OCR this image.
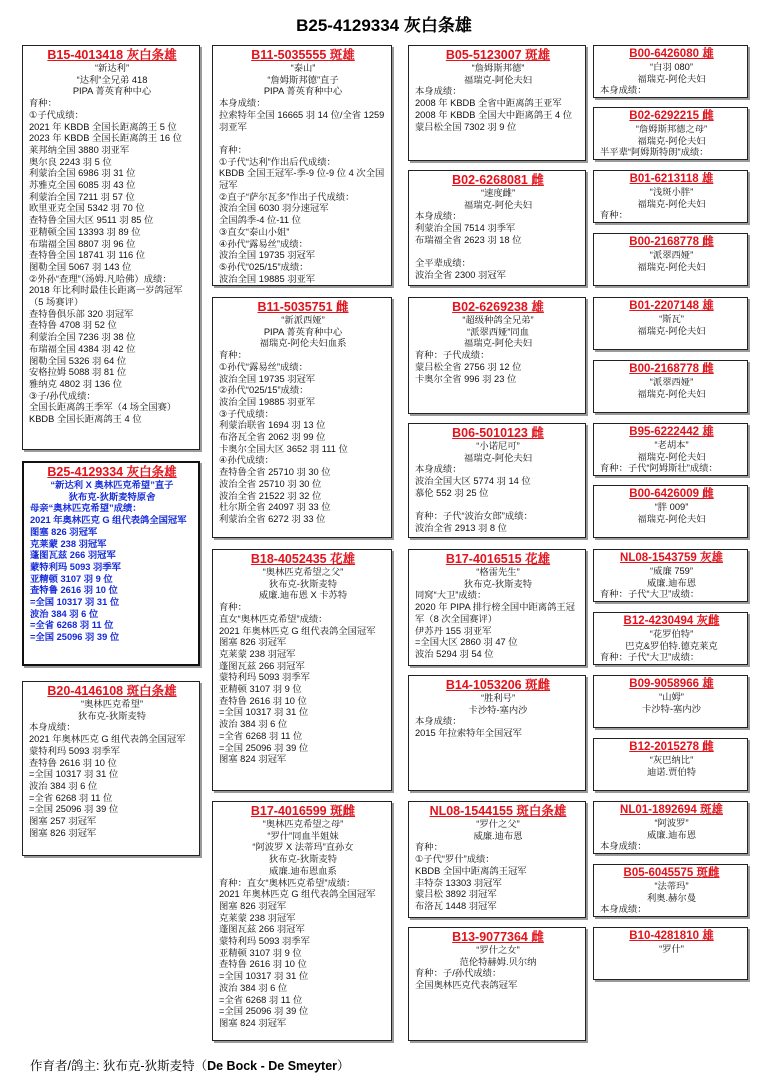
B25-4129334 灰白条雄
B15-4013418 灰白条雄
“新达利”
“达利”全兄弟 418
PIPA 菁英育种中心
育种：
①子代成绩：
2021 年 KBDB 全国长距离鸽王 5 位
2023 年 KBDB 全国长距离鸽王 16 位
莱邦纳全国 3880 羽亚军
奥尔良 2243 羽 5 位
利蒙治全国 6986 羽 31 位
苏雅克全国 6085 羽 43 位
利蒙治全国 7211 羽 57 位
欧里亚克全国 5342 羽 70 位
查特鲁全国大区 9511 羽 85 位
亚精顿全国 13393 羽 89 位
布瑞福全国 8807 羽 96 位
查特鲁全国 18741 羽 116 位
图勒全国 5067 羽 143 位
②外孙“查理”（汤姆.凡哈佛）成绩：
2018 年比利时最佳长距离一岁鸽冠军（5 场赛评）
查特鲁俱乐部 320 羽冠军
查特鲁 4708 羽 52 位
利蒙治全国 7236 羽 38 位
布瑞福全国 4384 羽 42 位
图勒全国 5326 羽 64 位
安格拉姆 5088 羽 81 位
雅纳克 4802 羽 136 位
③子/孙代成绩：
全国长距离鸽王季军（4 场全国赛）
KBDB 全国长距离鸽王 4 位
B25-4129334 灰白条雄
“新达利 X 奥林匹克希望”直子
狄布克-狄斯麦特原舍
母亲“奥林匹克希望”成绩：
2021 年奥林匹克 G 组代表鸽全国冠军
图塞 826 羽冠军
克莱蒙 238 羽冠军
蓬图瓦兹 266 羽冠军
蒙特利玛 5093 羽季军
亚精顿 3107 羽 9 位
查特鲁 2616 羽 10 位
=全国 10317 羽 31 位
波治 384 羽 6 位
=全省 6268 羽 11 位
=全国 25096 羽 39 位
B20-4146108 斑白条雄
“奥林匹克希望”
狄布克-狄斯麦特
本身成绩：
2021 年奥林匹克 G 组代表鸽全国冠军
蒙特利玛 5093 羽季军
查特鲁 2616 羽 10 位
=全国 10317 羽 31 位
波治 384 羽 6 位
=全省 6268 羽 11 位
=全国 25096 羽 39 位
图塞 257 羽冠军
图塞 826 羽冠军
B11-5035555 斑雄
“泰山”
“詹姆斯邦德”直子
PIPA 菁英育种中心
本身成绩：
拉索特年全国 16665 羽 14 位/全省 1259 羽亚军
育种：
①子代“达利”作出后代成绩：
KBDB 全国王冠军-季-9 位-9 位 4 次全国冠军
②直子“萨尔瓦多”作出子代成绩：
波治全国 6030 羽分速冠军
全国鸽季-4 位-11 位
③直女“泰山小姐”
④孙代“露易丝”成绩：
波治全国 19735 羽冠军
⑤孙代“025/15”成绩：
波治全国 19885 羽亚军
B11-5035751 雌
“新派西娅”
PIPA 菁英育种中心
福瑞克-阿伦夫妇血系
育种：
①孙代“露易丝”成绩：
波治全国 19735 羽冠军
②孙代“025/15”成绩：
波治全国 19885 羽亚军
③子代成绩：
利蒙治联省 1694 羽 13 位
布洛瓦全省 2062 羽 99 位
卡奥尔全国大区 3652 羽 111 位
④孙代成绩：
查特鲁全省 25710 羽 30 位
波治全省 25710 羽 30 位
波治全省 21522 羽 32 位
杜尔斯全省 24097 羽 33 位
利蒙治全省 6272 羽 33 位
B18-4052435 花雄
“奥林匹克希望之父”
狄布克-狄斯麦特
威廉.迪布恩 X 卡苏特
育种：
直女“奥林匹克希望”成绩：
2021 年奥林匹克 G 组代表鸽全国冠军
图塞 826 羽冠军
克莱蒙 238 羽冠军
蓬图瓦兹 266 羽冠军
蒙特利玛 5093 羽季军
亚精顿 3107 羽 9 位
查特鲁 2616 羽 10 位
=全国 10317 羽 31 位
波治 384 羽 6 位
=全省 6268 羽 11 位
=全国 25096 羽 39 位
图塞 824 羽冠军
B17-4016599 斑雌
“奥林匹克希望之母”
“罗什”同血半姐妹
“阿波罗 X 法蒂玛”直孙女
狄布克-狄斯麦特
威廉.迪布恩血系
育种：直女“奥林匹克希望”成绩：
2021 年奥林匹克 G 组代表鸽全国冠军
图塞 826 羽冠军
克莱蒙 238 羽冠军
蓬图瓦兹 266 羽冠军
蒙特利玛 5093 羽季军
亚精顿 3107 羽 9 位
查特鲁 2616 羽 10 位
=全国 10317 羽 31 位
波治 384 羽 6 位
=全省 6268 羽 11 位
=全国 25096 羽 39 位
图塞 824 羽冠军
B05-5123007 斑雄
“詹姆斯邦德”
福瑞克-阿伦夫妇
本身成绩：
2008 年 KBDB 全省中距离鸽王亚军
2008 年 KBDB 全国大中距离鸽王 4 位
蒙吕松全国 7302 羽 9 位
B02-6268081 雌
“速度雌”
福瑞克-阿伦夫妇
本身成绩：
利蒙治全国 7514 羽季军
布瑞福全省 2623 羽 18 位
全平辈成绩：
波治全省 2300 羽冠军
B02-6269238 雄
“超级种鸽全兄弟”
“派翠西娅”同血
福瑞克-阿伦夫妇
育种：子代成绩：
蒙吕松全省 2756 羽 12 位
卡奥尔全省 996 羽 23 位
B06-5010123 雌
“小诺尼可”
福瑞克-阿伦夫妇
本身成绩：
波治全国大区 5774 羽 14 位
慕伦 552 羽 25 位
育种：子代“波治女郎”成绩：
波治全省 2913 羽 8 位
B17-4016515 花雄
“格雷先生”
狄布克-狄斯麦特
同窝“大卫”成绩：
2020 年 PIPA 排行榜全国中距离鸽王冠军（8 次全国赛评）
伊苏丹 155 羽亚军
=全国大区 2860 羽 47 位
波治 5294 羽 54 位
B14-1053206 斑雌
“胜利号”
卡沙特-塞内沙
本身成绩：
2015 年拉索特年全国冠军
NL08-1544155 斑白条雄
“罗什之父”
威廉.迪布恩
育种：
①子代“罗什”成绩：
KBDB 全国中距离鸽王冠军
丰特奈 13303 羽冠军
蒙吕松 3892 羽冠军
布洛瓦 1448 羽冠军
B13-9077364 雌
“罗什之女”
范伦特赫姆.贝尔纳
育种：子/孙代成绩：
全国奥林匹克代表鸽冠军
B00-6426080 雄
“白羽 080”
福瑞克-阿伦夫妇
本身成绩：
B02-6292215 雌
“詹姆斯邦德之母”
福瑞克-阿伦夫妇
半平辈“阿姆斯特朗”成绩：
B01-6213118 雄
“浅斑小胖”
福瑞克-阿伦夫妇
育种：
B00-2168778 雌
“派翠西娅”
福瑞克-阿伦夫妇
B01-2207148 雄
“斯瓦”
福瑞克-阿伦夫妇
B00-2168778 雌
“派翠西娅”
福瑞克-阿伦夫妇
B95-6222442 雄
“老胡本”
福瑞克-阿伦夫妇
育种：子代“阿姆斯壮”成绩：
B00-6426009 雌
“胖 009”
福瑞克-阿伦夫妇
NL08-1543759 灰雄
“威廉 759”
威廉.迪布恩
育种：子代“大卫”成绩：
B12-4230494 灰雌
“花罗伯特”
巴克&罗伯特.德克莱克
育种：子代“大卫”成绩：
B09-9058966 雄
“山姆”
卡沙特-塞内沙
B12-2015278 雌
“灰巴纳比”
迪诺.贾伯特
NL01-1892694 斑雄
“阿波罗”
威廉.迪布恩
本身成绩：
B05-6045575 斑雌
“法蒂玛”
利奥.赫尔曼
本身成绩：
B10-4281810 雄
“罗什”
作育者/鸽主: 狄布克-狄斯麦特（De Bock - De Smeyter）
